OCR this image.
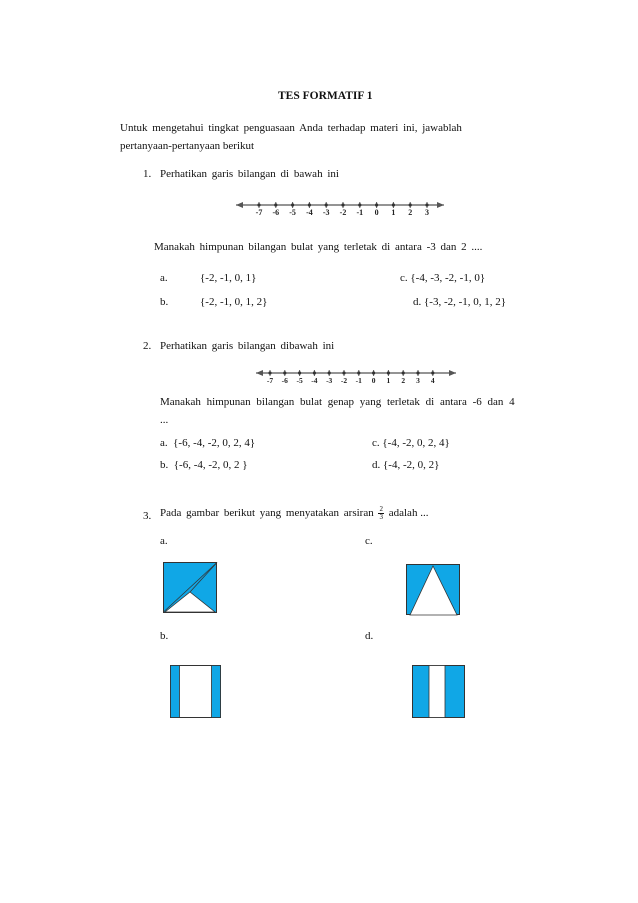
TES FORMATIF 1
Untuk mengetahui tingkat penguasaan Anda terhadap materi ini, jawablah
pertanyaan-pertanyaan berikut
1. Perhatikan garis bilangan di bawah ini
-7 -6 -5 -4 -3 -2 -1 0 1 2 3
-7 -6 -5 -4 -3 -2 -1 0 1 2 3 4
Manakah himpunan bilangan bulat yang terletak di antara -3 dan 2 ....
a.	{-2, -1, 0, 1}
b.	{-2, -1, 0, 1, 2}
c. {-4, -3, -2, -1, 0}
d. {-3, -2, -1, 0, 1, 2}
2. Perhatikan garis bilangan dibawah ini
Manakah himpunan bilangan bulat genap yang terletak di antara -6 dan 4
...
a. {-6, -4, -2, 0, 2, 4}
b. {-6, -4, -2, 0, 2 }
c. {-4, -2, 0, 2, 4}
d. {-4, -2, 0, 2}
3. Pada gambar berikut yang menyatakan arsiran $\frac{2}{3}$ adalah ...
a.	c.
b.	d.
